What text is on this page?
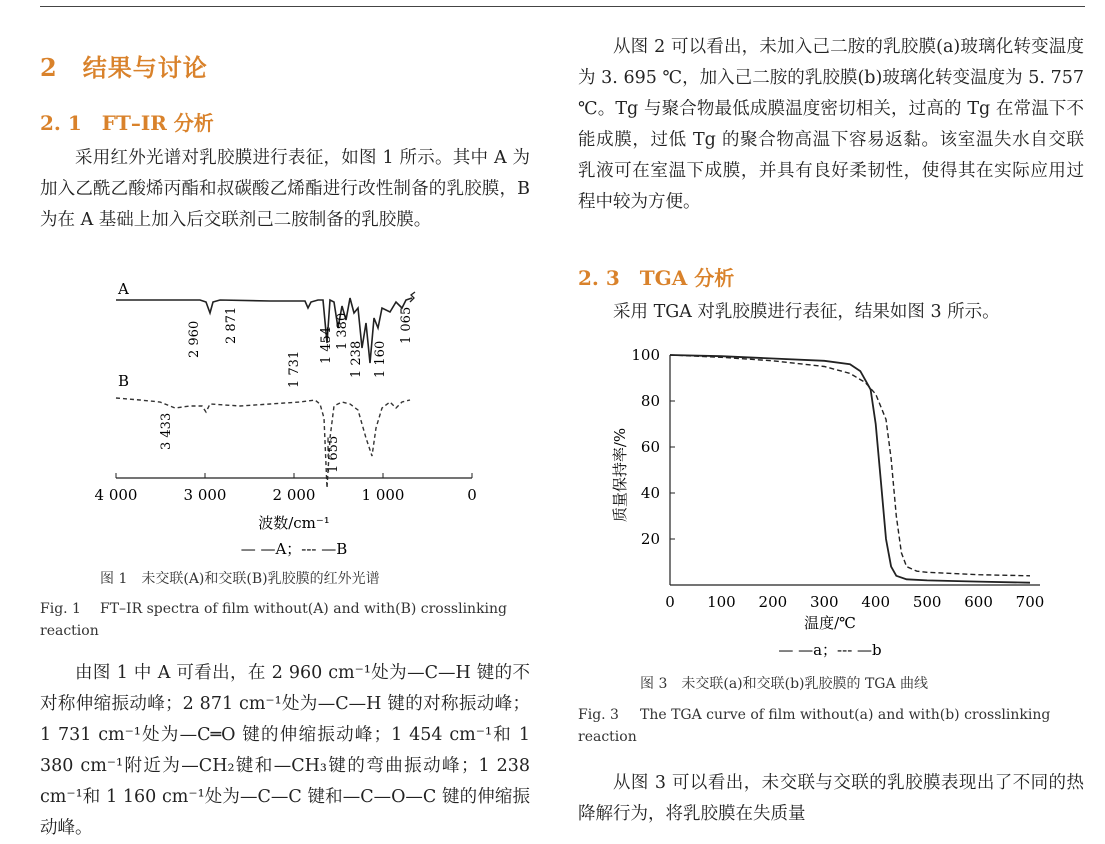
2　结果与讨论
2. 1　FT–IR 分析

采用红外光谱对乳胶膜进行表征，如图 1 所示。其中 A 为加入乙酰乙酸烯丙酯和叔碳酸乙烯酯进行改性制备的乳胶膜，B 为在 A 基础上加入后交联剂己二胺制备的乳胶膜。

A
2 960 2 871
1 731
1 454 1 380
1 238 1 160
1 065
B
3 433
1 655
4 000	3 000	2 000	1 000	0
波数/cm⁻¹
— —A；--- —B
图 1　未交联(A)和交联(B)乳胶膜的红外光谱
Fig. 1 FT–IR spectra of film without(A) and with(B) crosslinking reaction

由图 1 中 A 可看出，在 2 960 cm⁻¹处为—C—H 键的不对称伸缩振动峰；2 871 cm⁻¹处为—C—H 键的对称振动峰；1 731 cm⁻¹处为—C═O 键的伸缩振动峰；1 454 cm⁻¹和 1 380 cm⁻¹附近为—CH₂键和—CH₃键的弯曲振动峰；1 238 cm⁻¹和 1 160 cm⁻¹处为—C—C 键和—C—O—C 键的伸缩振动峰。

从图 2 可以看出，未加入己二胺的乳胶膜(a)玻璃化转变温度为 3. 695 ℃，加入己二胺的乳胶膜(b)玻璃化转变温度为 5. 757 ℃。Tg 与聚合物最低成膜温度密切相关，过高的 Tg 在常温下不能成膜，过低 Tg 的聚合物高温下容易返黏。该室温失水自交联乳液可在室温下成膜，并具有良好柔韧性，使得其在实际应用过程中较为方便。

2. 3　TGA 分析

采用 TGA 对乳胶膜进行表征，结果如图 3 所示。

100
80
60
40
20
0 100 200 300 400 500 600 700
质量保持率/%
温度/℃
— —a；--- —b
图 3　未交联(a)和交联(b)乳胶膜的 TGA 曲线
Fig. 3 The TGA curve of film without(a) and with(b) crosslinking reaction

从图 3 可以看出，未交联与交联的乳胶膜表现出了不同的热降解行为，将乳胶膜在失质量
